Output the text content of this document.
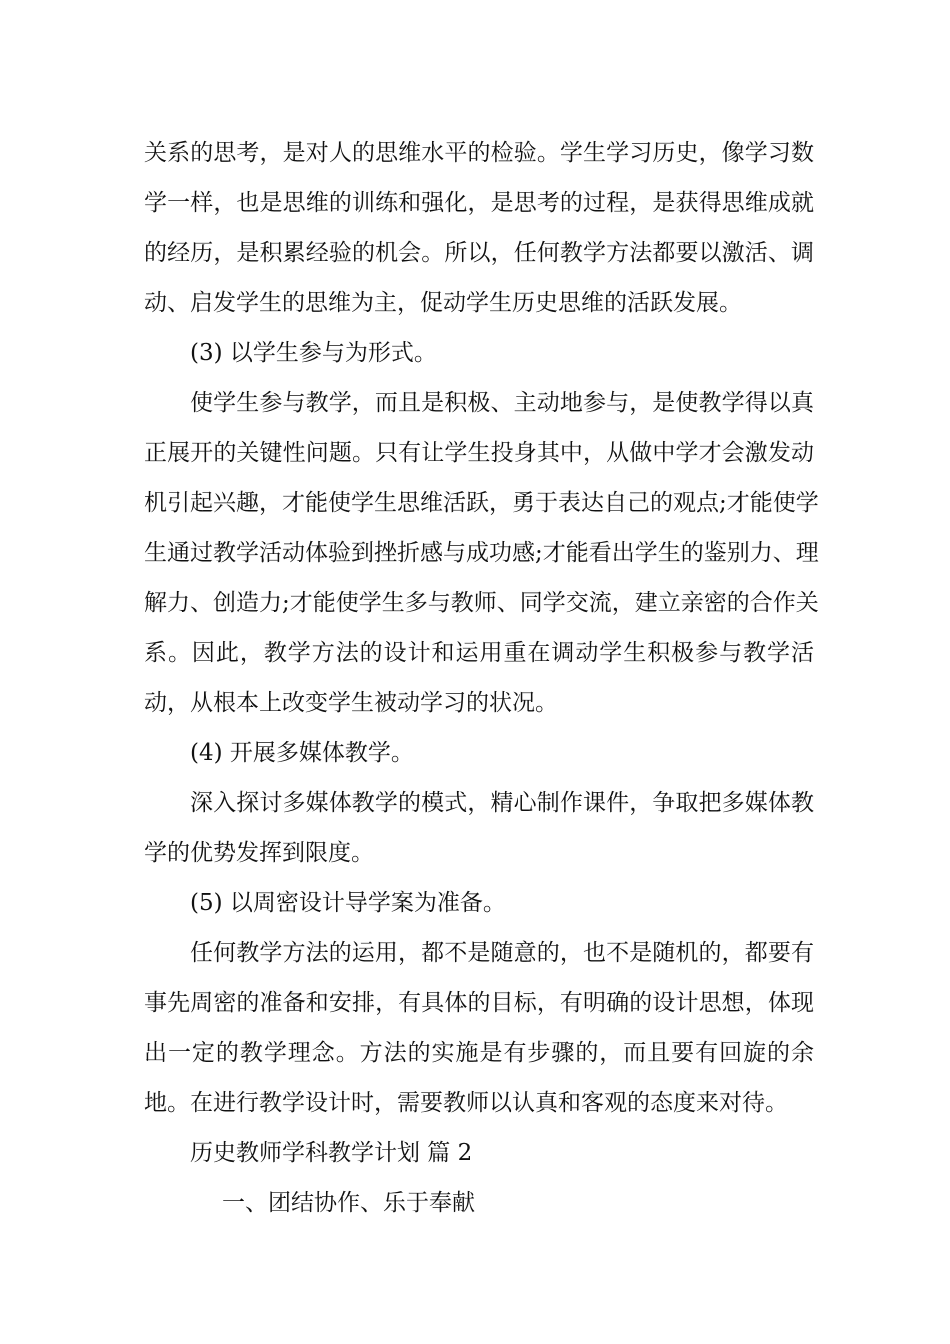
关系的思考，是对人的思维水平的检验。学生学习历史，像学习数
学一样，也是思维的训练和强化，是思考的过程，是获得思维成就
的经历，是积累经验的机会。所以，任何教学方法都要以激活、调
动、启发学生的思维为主，促动学生历史思维的活跃发展。
(3) 以学生参与为形式。
使学生参与教学，而且是积极、主动地参与，是使教学得以真
正展开的关键性问题。只有让学生投身其中，从做中学才会激发动
机引起兴趣，才能使学生思维活跃，勇于表达自己的观点;才能使学
生通过教学活动体验到挫折感与成功感;才能看出学生的鉴别力、理
解力、创造力;才能使学生多与教师、同学交流，建立亲密的合作关
系。因此，教学方法的设计和运用重在调动学生积极参与教学活
动，从根本上改变学生被动学习的状况。
(4) 开展多媒体教学。
深入探讨多媒体教学的模式，精心制作课件，争取把多媒体教
学的优势发挥到限度。
(5) 以周密设计导学案为准备。
任何教学方法的运用，都不是随意的，也不是随机的，都要有
事先周密的准备和安排，有具体的目标，有明确的设计思想，体现
出一定的教学理念。方法的实施是有步骤的，而且要有回旋的余
地。在进行教学设计时，需要教师以认真和客观的态度来对待。
历史教师学科教学计划 篇 2
一、团结协作、乐于奉献
